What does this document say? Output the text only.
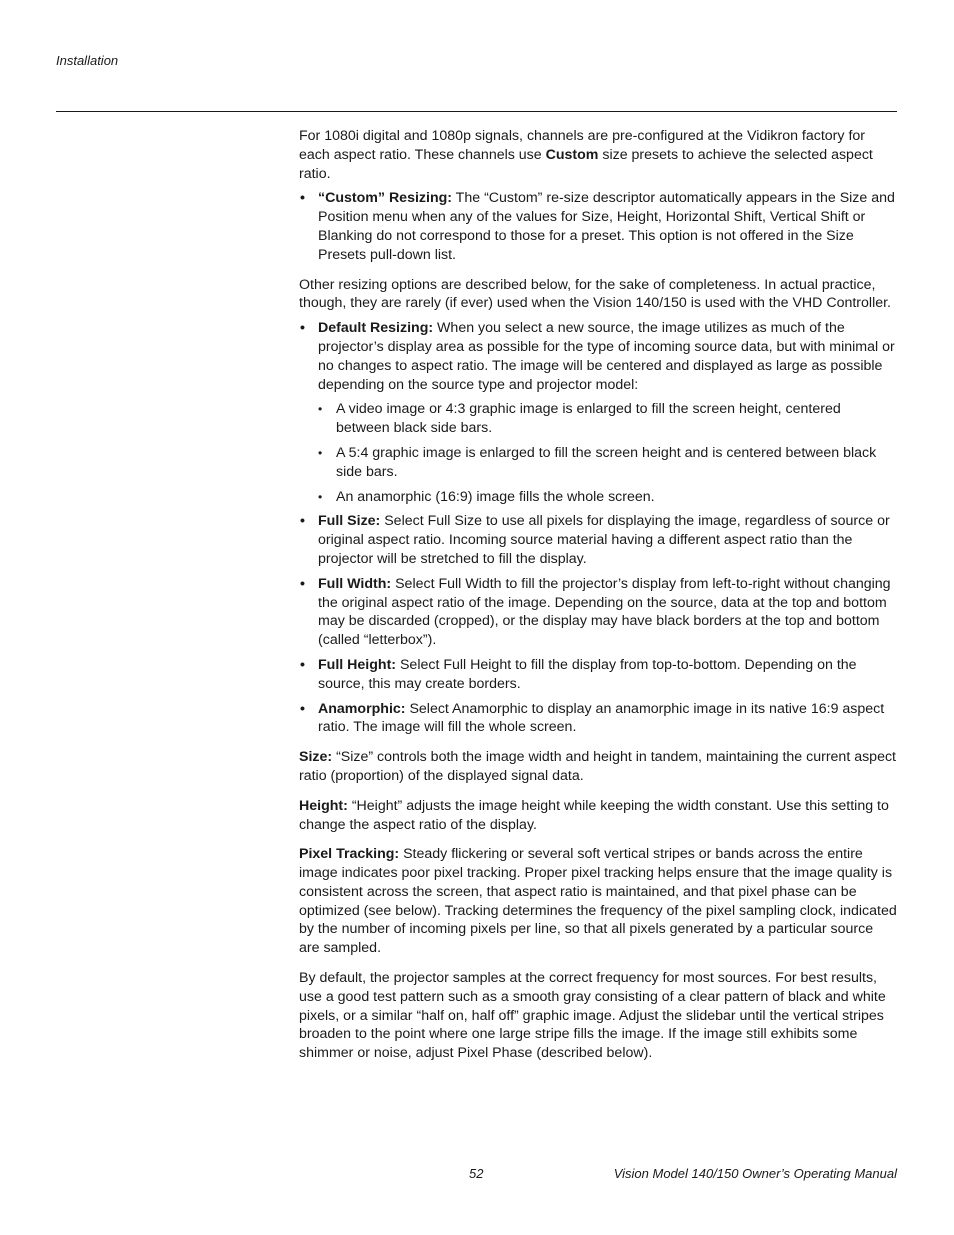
Installation

For 1080i digital and 1080p signals, channels are pre-configured at the Vidikron factory for each aspect ratio. These channels use Custom size presets to achieve the selected aspect ratio.

• “Custom” Resizing: The “Custom” re-size descriptor automatically appears in the Size and Position menu when any of the values for Size, Height, Horizontal Shift, Vertical Shift or Blanking do not correspond to those for a preset. This option is not offered in the Size Presets pull-down list.

Other resizing options are described below, for the sake of completeness. In actual practice, though, they are rarely (if ever) used when the Vision 140/150 is used with the VHD Controller.

• Default Resizing: When you select a new source, the image utilizes as much of the projector’s display area as possible for the type of incoming source data, but with minimal or no changes to aspect ratio. The image will be centered and displayed as large as possible depending on the source type and projector model:
• A video image or 4:3 graphic image is enlarged to fill the screen height, centered between black side bars.
• A 5:4 graphic image is enlarged to fill the screen height and is centered between black side bars.
• An anamorphic (16:9) image fills the whole screen.
• Full Size: Select Full Size to use all pixels for displaying the image, regardless of source or original aspect ratio. Incoming source material having a different aspect ratio than the projector will be stretched to fill the display.
• Full Width: Select Full Width to fill the projector’s display from left-to-right without changing the original aspect ratio of the image. Depending on the source, data at the top and bottom may be discarded (cropped), or the display may have black borders at the top and bottom (called “letterbox”).
• Full Height: Select Full Height to fill the display from top-to-bottom. Depending on the source, this may create borders.
• Anamorphic: Select Anamorphic to display an anamorphic image in its native 16:9 aspect ratio. The image will fill the whole screen.

Size: “Size” controls both the image width and height in tandem, maintaining the current aspect ratio (proportion) of the displayed signal data.

Height: “Height” adjusts the image height while keeping the width constant. Use this setting to change the aspect ratio of the display.

Pixel Tracking: Steady flickering or several soft vertical stripes or bands across the entire image indicates poor pixel tracking. Proper pixel tracking helps ensure that the image quality is consistent across the screen, that aspect ratio is maintained, and that pixel phase can be optimized (see below). Tracking determines the frequency of the pixel sampling clock, indicated by the number of incoming pixels per line, so that all pixels generated by a particular source are sampled.

By default, the projector samples at the correct frequency for most sources. For best results, use a good test pattern such as a smooth gray consisting of a clear pattern of black and white pixels, or a similar “half on, half off” graphic image. Adjust the slidebar until the vertical stripes broaden to the point where one large stripe fills the image. If the image still exhibits some shimmer or noise, adjust Pixel Phase (described below).

52	Vision Model 140/150 Owner’s Operating Manual
